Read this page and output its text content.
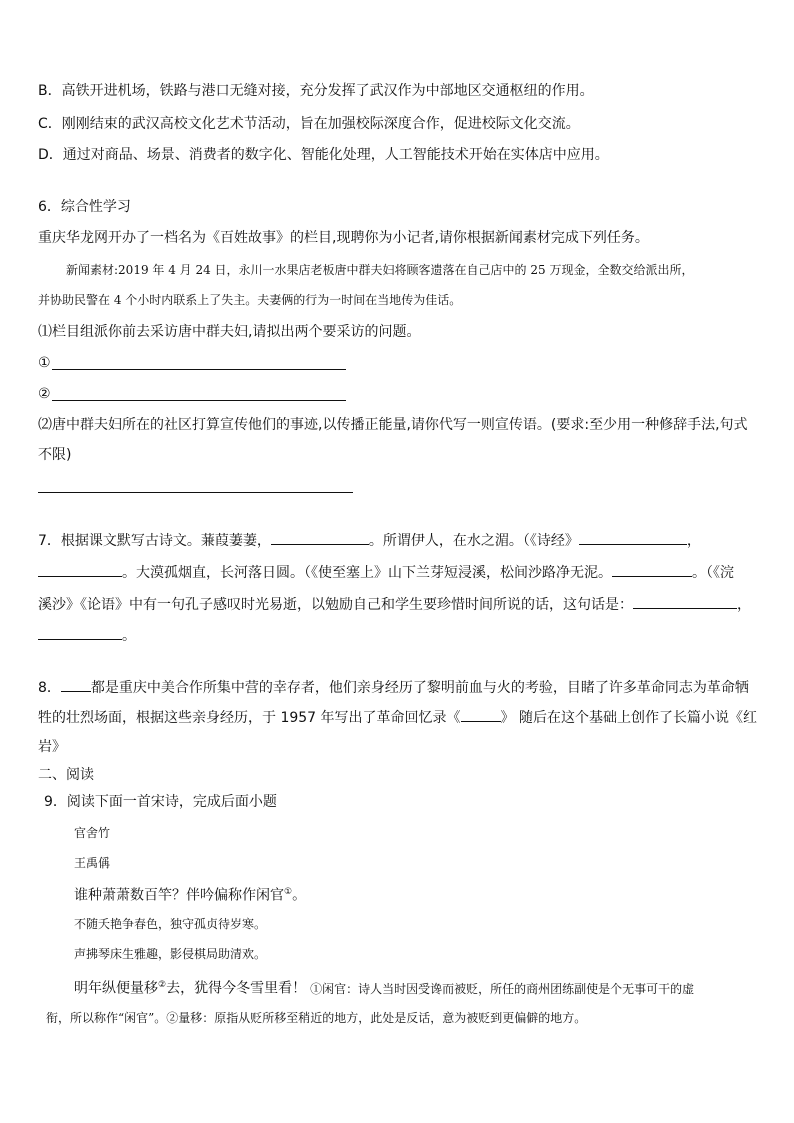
B．高铁开进机场，铁路与港口无缝对接，充分发挥了武汉作为中部地区交通枢纽的作用。
C．刚刚结束的武汉高校文化艺术节活动，旨在加强校际深度合作，促进校际文化交流。
D．通过对商品、场景、消费者的数字化、智能化处理，人工智能技术开始在实体店中应用。
6．综合性学习
重庆华龙网开办了一档名为《百姓故事》的栏目,现聘你为小记者,请你根据新闻素材完成下列任务。
新闻素材:2019 年 4 月 24 日，永川一水果店老板唐中群夫妇将顾客遗落在自己店中的 25 万现金，全数交给派出所，
并协助民警在 4 个小时内联系上了失主。夫妻俩的行为一时间在当地传为佳话。
⑴栏目组派你前去采访唐中群夫妇,请拟出两个要采访的问题。
①
②
⑵唐中群夫妇所在的社区打算宣传他们的事迹,以传播正能量,请你代写一则宣传语。(要求:至少用一种修辞手法,句式
不限)
7．根据课文默写古诗文。蒹葭萋萋，	。所谓伊人，在水之湄。（《诗经》	，
。大漠孤烟直，长河落日圆。（《使至塞上》山下兰芽短浸溪，松间沙路净无泥。	。（《浣
溪沙》《论语》中有一句孔子感叹时光易逝，以勉励自己和学生要珍惜时间所说的话，这句话是：	，
。
8． 都是重庆中美合作所集中营的幸存者，他们亲身经历了黎明前血与火的考验，目睹了许多革命同志为革命牺
牲的壮烈场面，根据这些亲身经历，于 1957 年写出了革命回忆录《	》 随后在这个基础上创作了长篇小说《红
岩》
二、阅读
9．阅读下面一首宋诗，完成后面小题
官舍竹
王禹偁
谁种萧萧数百竿？伴吟偏称作闲官①。
不随夭艳争春色，独守孤贞待岁寒。
声拂琴床生雅趣，影侵棋局助清欢。
明年纵便量移②去，犹得今冬雪里看！ ①闲官：诗人当时因受谗而被贬，所任的商州团练副使是个无事可干的虚
衔，所以称作“闲官”。②量移：原指从贬所移至稍近的地方，此处是反话，意为被贬到更偏僻的地方。
